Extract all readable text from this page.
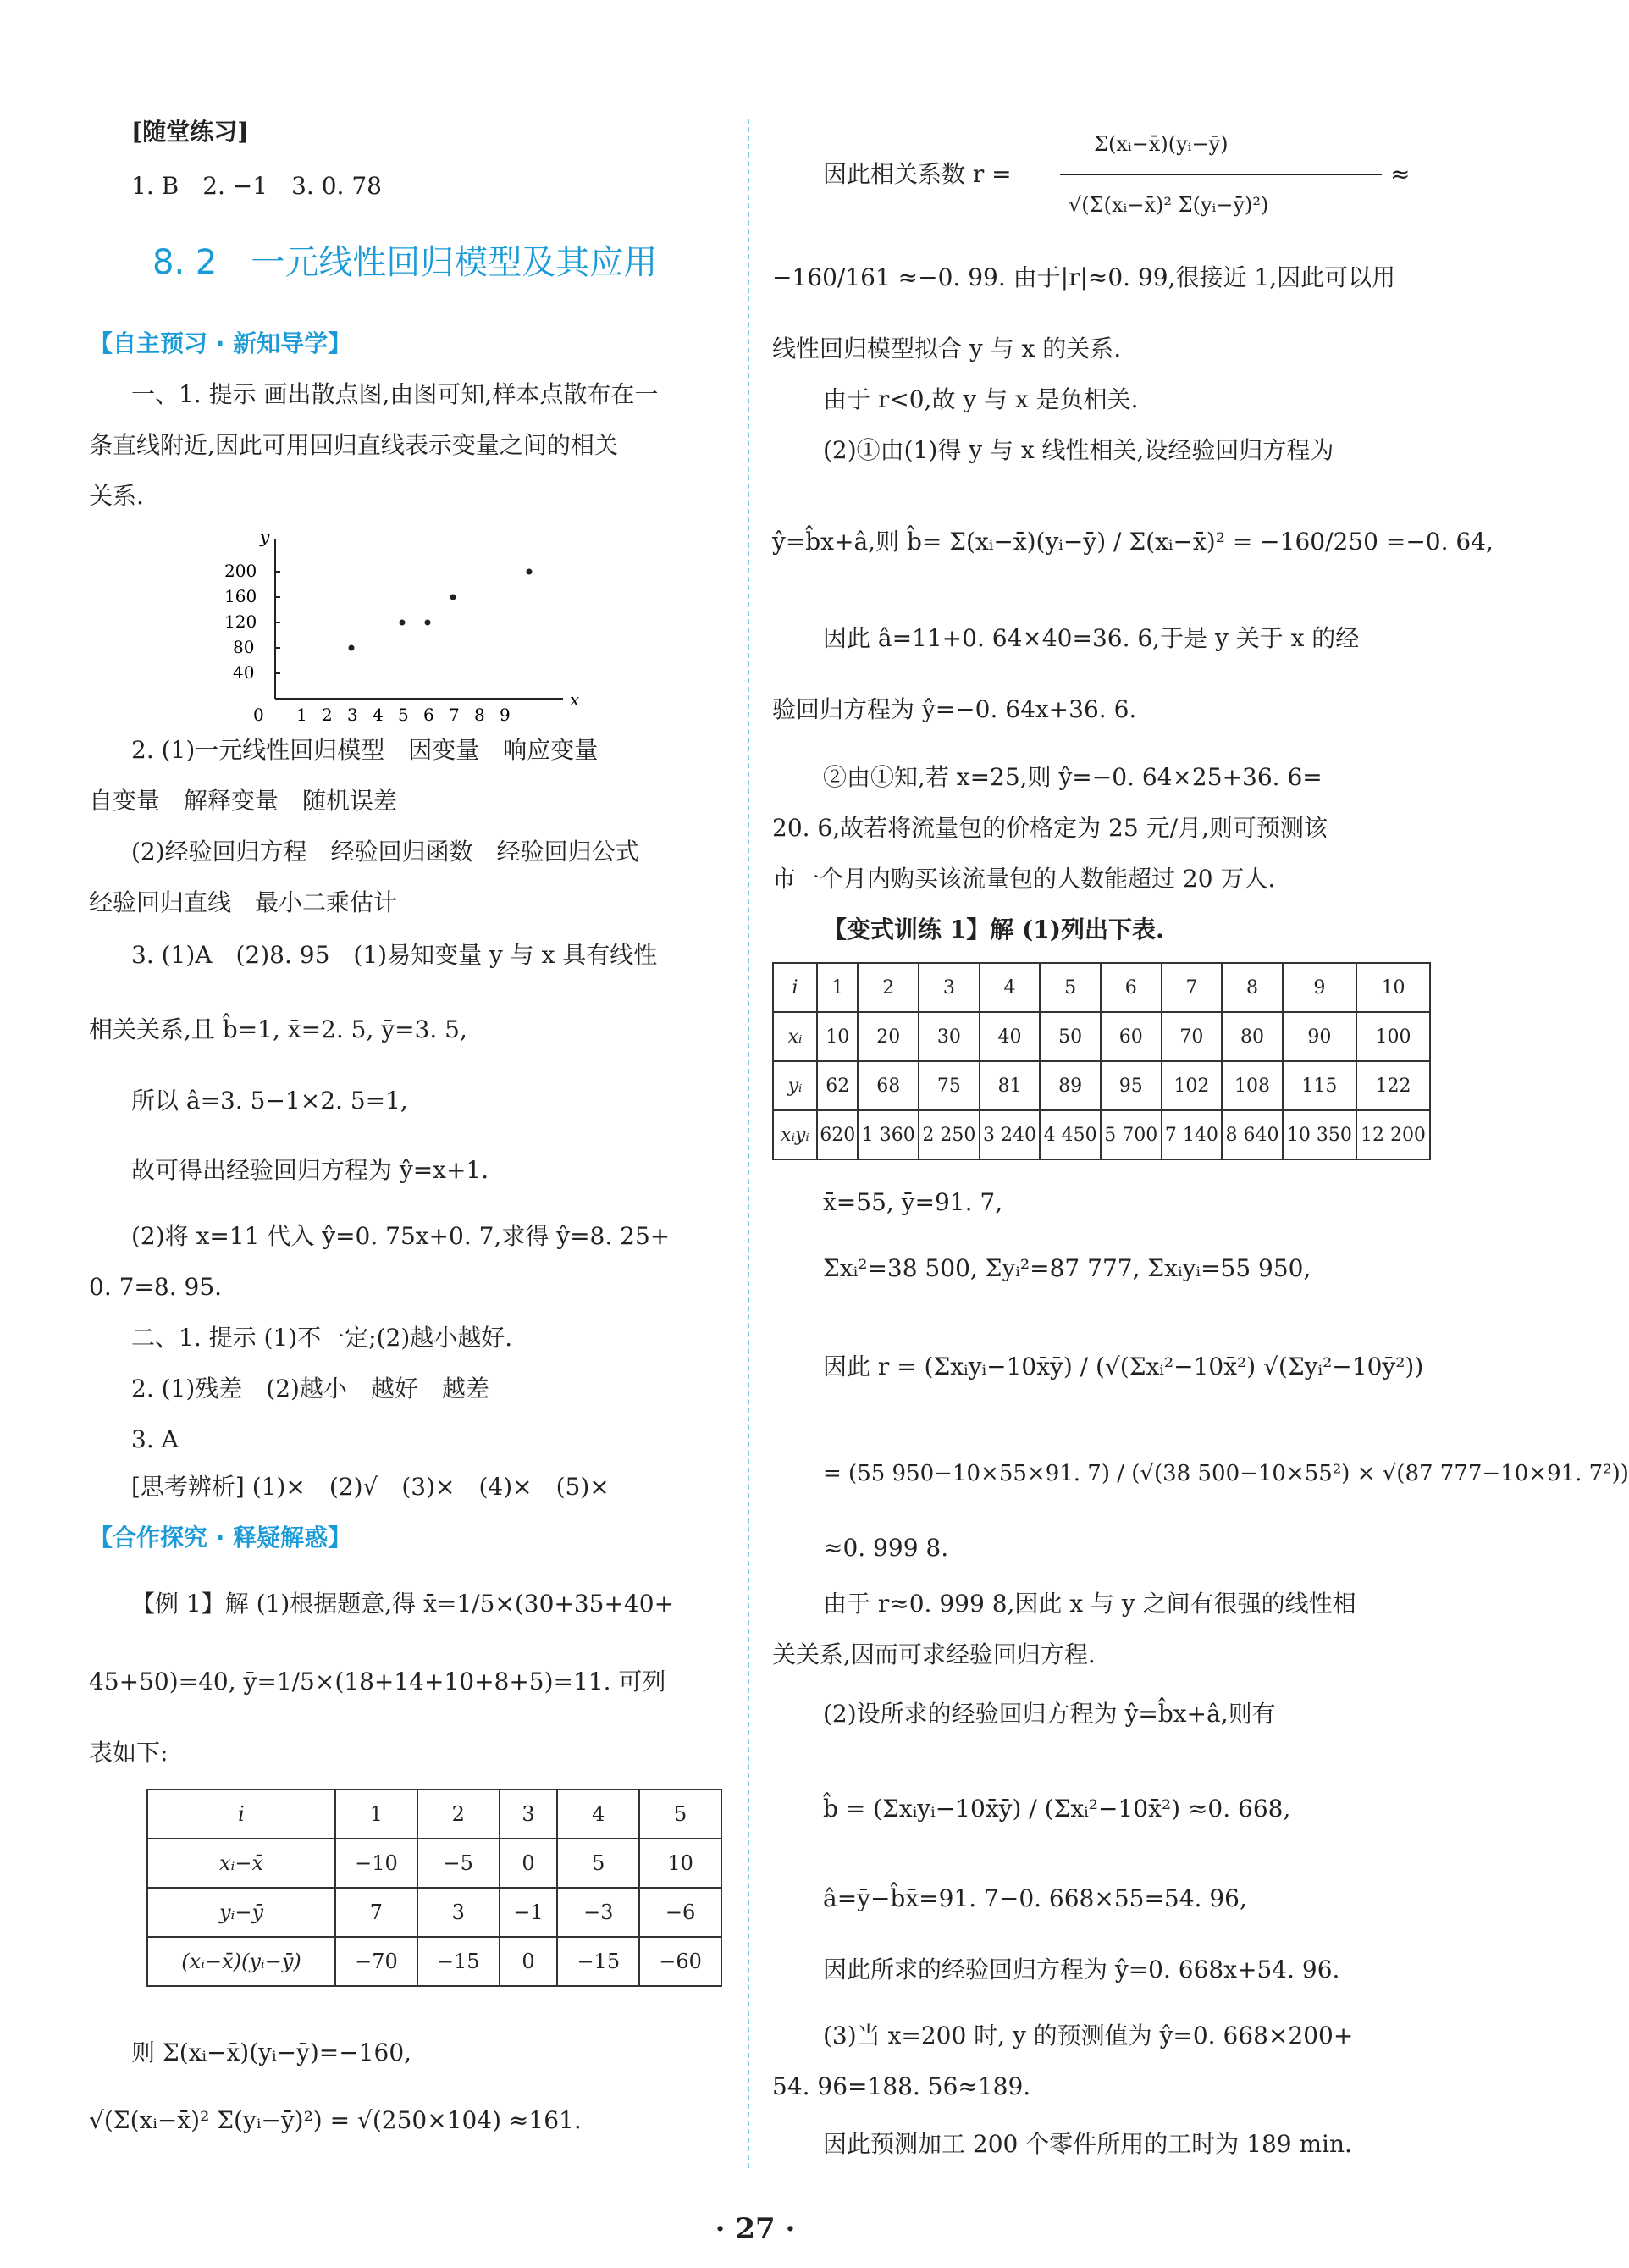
[随堂练习]
1. B　2. −1　3. 0. 78
8. 2　一元线性回归模型及其应用
【自主预习 · 新知导学】
一、1. 提示 画出散点图,由图可知,样本点散布在一
条直线附近,因此可用回归直线表示变量之间的相关
关系.
y
x
40
80
120
160
200
0 1 2 3 4 5 6 7 8 9
2. (1)一元线性回归模型　因变量　响应变量
自变量　解释变量　随机误差
(2)经验回归方程　经验回归函数　经验回归公式
经验回归直线　最小二乘估计
3. (1)A　(2)8. 95　(1)易知变量 y 与 x 具有线性
相关关系,且 b̂=1, x̄=2. 5, ȳ=3. 5,
所以 â=3. 5−1×2. 5=1,
故可得出经验回归方程为 ŷ=x+1.
(2)将 x=11 代入 ŷ=0. 75x+0. 7,求得 ŷ=8. 25+
0. 7=8. 95.
二、1. 提示 (1)不一定;(2)越小越好.
2. (1)残差　(2)越小　越好　越差
3. A
[思考辨析] (1)×　(2)√　(3)×　(4)×　(5)×
【合作探究 · 释疑解惑】
【例 1】解 (1)根据题意,得 x̄=1/5×(30+35+40+
45+50)=40, ȳ=1/5×(18+14+10+8+5)=11. 可列
表如下:
i	1	2	3	4	5
xᵢ−x̄	−10	−5	0	5	10
yᵢ−ȳ	7	3	−1	−3	−6
(xᵢ−x̄)(yᵢ−ȳ)	−70	−15	0	−15	−60
则 Σ(xᵢ−x̄)(yᵢ−ȳ)=−160,
√(Σ(xᵢ−x̄)² Σ(yᵢ−ȳ)²) = √(250×104) ≈161.
因此相关系数 r =
Σ(xᵢ−x̄)(yᵢ−ȳ)
√(Σ(xᵢ−x̄)² Σ(yᵢ−ȳ)²)
≈
−160/161 ≈−0. 99. 由于|r|≈0. 99,很接近 1,因此可以用
线性回归模型拟合 y 与 x 的关系.
由于 r<0,故 y 与 x 是负相关.
(2)①由(1)得 y 与 x 线性相关,设经验回归方程为
ŷ=b̂x+â,则 b̂= Σ(xᵢ−x̄)(yᵢ−ȳ) / Σ(xᵢ−x̄)² = −160/250 =−0. 64,
因此 â=11+0. 64×40=36. 6,于是 y 关于 x 的经
验回归方程为 ŷ=−0. 64x+36. 6.
②由①知,若 x=25,则 ŷ=−0. 64×25+36. 6=
20. 6,故若将流量包的价格定为 25 元/月,则可预测该
市一个月内购买该流量包的人数能超过 20 万人.
【变式训练 1】解 (1)列出下表.
i	1	2	3	4	5	6	7	8	9	10
xᵢ	10	20	30	40	50	60	70	80	90	100
yᵢ	62	68	75	81	89	95	102	108	115	122
xᵢyᵢ	620	1 360	2 250	3 240	4 450	5 700	7 140	8 640	10 350	12 200
x̄=55, ȳ=91. 7,
Σxᵢ²=38 500, Σyᵢ²=87 777, Σxᵢyᵢ=55 950,
因此 r = (Σxᵢyᵢ−10x̄ȳ) / (√(Σxᵢ²−10x̄²) √(Σyᵢ²−10ȳ²))
= (55 950−10×55×91. 7) / (√(38 500−10×55²) × √(87 777−10×91. 7²))
≈0. 999 8.
由于 r≈0. 999 8,因此 x 与 y 之间有很强的线性相
关关系,因而可求经验回归方程.
(2)设所求的经验回归方程为 ŷ=b̂x+â,则有
b̂ = (Σxᵢyᵢ−10x̄ȳ) / (Σxᵢ²−10x̄²) ≈0. 668,
â=ȳ−b̂x̄=91. 7−0. 668×55=54. 96,
因此所求的经验回归方程为 ŷ=0. 668x+54. 96.
(3)当 x=200 时, y 的预测值为 ŷ=0. 668×200+
54. 96=188. 56≈189.
因此预测加工 200 个零件所用的工时为 189 min.
· 27 ·
